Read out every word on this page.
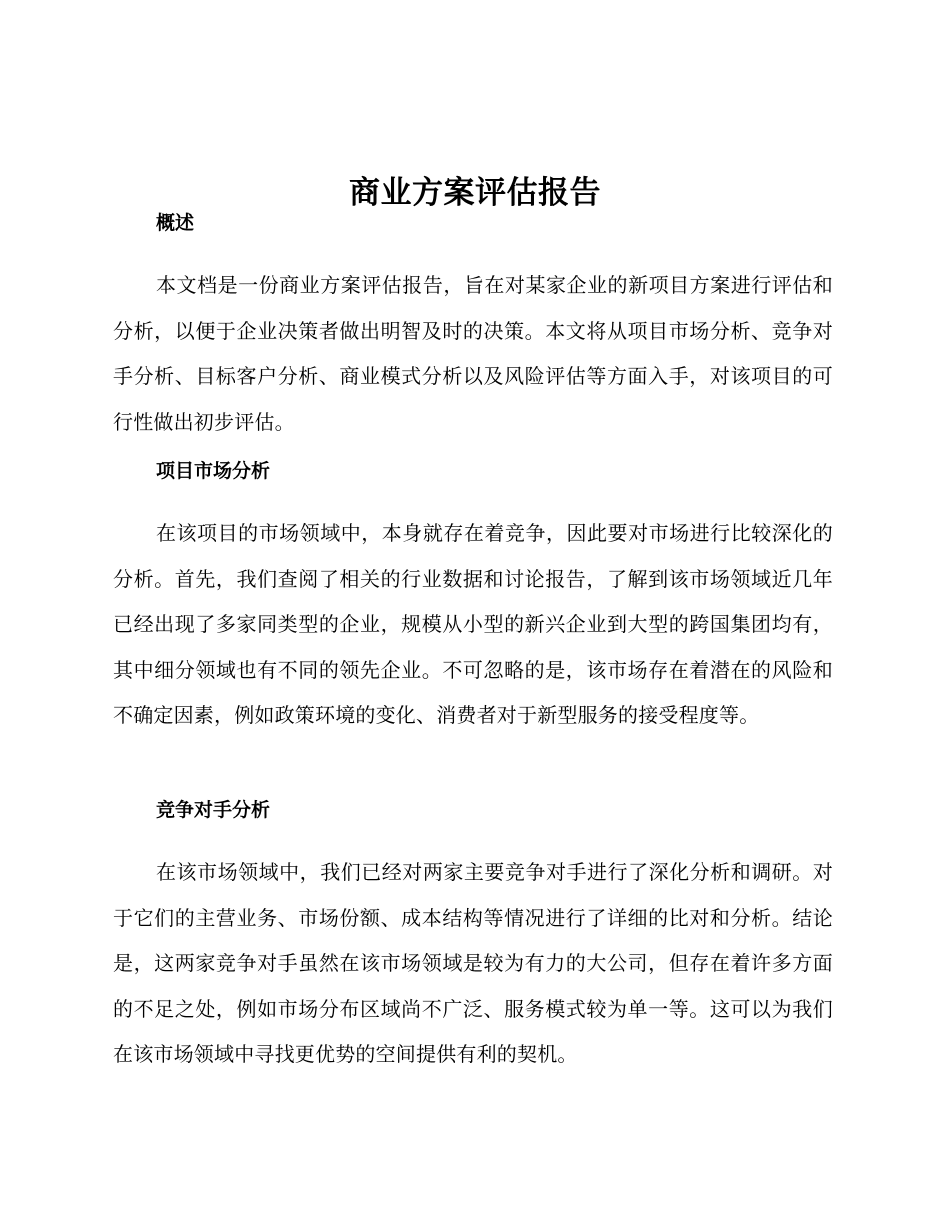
商业方案评估报告
概述

本文档是一份商业方案评估报告，旨在对某家企业的新项目方案进行评估和分析，以便于企业决策者做出明智及时的决策。本文将从项目市场分析、竞争对手分析、目标客户分析、商业模式分析以及风险评估等方面入手，对该项目的可行性做出初步评估。

项目市场分析

在该项目的市场领域中，本身就存在着竞争，因此要对市场进行比较深化的分析。首先，我们查阅了相关的行业数据和讨论报告，了解到该市场领域近几年已经出现了多家同类型的企业，规模从小型的新兴企业到大型的跨国集团均有，其中细分领域也有不同的领先企业。不可忽略的是，该市场存在着潜在的风险和不确定因素，例如政策环境的变化、消费者对于新型服务的接受程度等。

竞争对手分析

在该市场领域中，我们已经对两家主要竞争对手进行了深化分析和调研。对于它们的主营业务、市场份额、成本结构等情况进行了详细的比对和分析。结论是，这两家竞争对手虽然在该市场领域是较为有力的大公司，但存在着许多方面的不足之处，例如市场分布区域尚不广泛、服务模式较为单一等。这可以为我们在该市场领域中寻找更优势的空间提供有利的契机。
